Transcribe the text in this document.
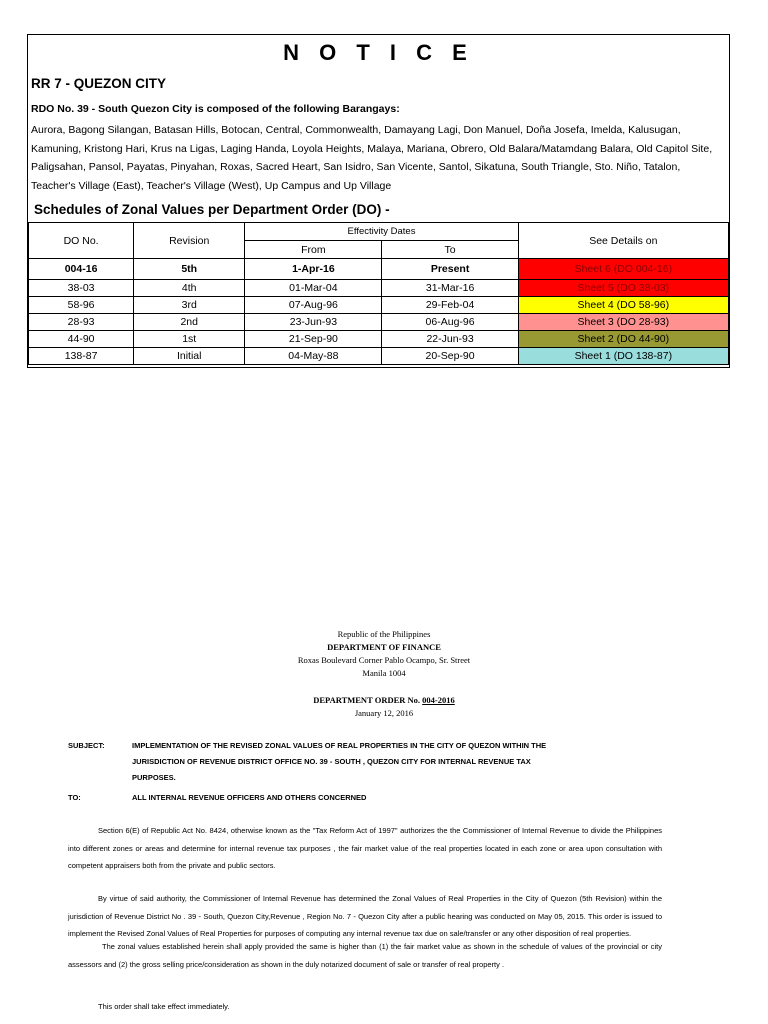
N O T I C E
RR 7 - QUEZON CITY
RDO No. 39 - South Quezon City is composed of the following Barangays:
Aurora, Bagong Silangan, Batasan Hills, Botocan, Central, Commonwealth, Damayang Lagi, Don Manuel, Doña Josefa, Imelda, Kalusugan, Kamuning, Kristong Hari, Krus na Ligas, Laging Handa, Loyola Heights, Malaya, Mariana, Obrero, Old Balara/Matamdang Balara, Old Capitol Site, Paligsahan, Pansol, Payatas, Pinyahan, Roxas, Sacred Heart, San Isidro, San Vicente, Santol, Sikatuna, South Triangle, Sto. Niño, Tatalon, Teacher's Village (East), Teacher's Village (West), Up Campus and Up Village
Schedules of Zonal Values per Department Order (DO) -
DO No.	Revision	Effectivity Dates		See Details on
		From	To	
004-16	5th	1-Apr-16	Present	Sheet 6 (DO 004-16)
38-03	4th	01-Mar-04	31-Mar-16	Sheet 5 (DO 38-03)
58-96	3rd	07-Aug-96	29-Feb-04	Sheet 4 (DO 58-96)
28-93	2nd	23-Jun-93	06-Aug-96	Sheet 3 (DO 28-93)
44-90	1st	21-Sep-90	22-Jun-93	Sheet 2 (DO 44-90)
138-87	Initial	04-May-88	20-Sep-90	Sheet 1 (DO 138-87)
Republic of the Philippines
DEPARTMENT OF FINANCE
Roxas Boulevard Corner Pablo Ocampo, Sr. Street
Manila 1004
DEPARTMENT ORDER No. 004-2016
January 12, 2016
SUBJECT:	IMPLEMENTATION OF THE REVISED ZONAL VALUES OF REAL PROPERTIES IN THE CITY OF QUEZON WITHIN THE JURISDICTION OF REVENUE DISTRICT OFFICE NO. 39 - SOUTH , QUEZON CITY FOR INTERNAL REVENUE TAX PURPOSES.
TO:	ALL INTERNAL REVENUE OFFICERS AND OTHERS CONCERNED
Section 6(E) of Republic Act No. 8424, otherwise known as the "Tax Reform Act of 1997" authorizes the the Commissioner of Internal Revenue to divide the Philippines into different zones or areas and determine for internal revenue tax purposes , the fair market value of the real properties located in each zone or area upon consultation with competent appraisers both from the private and public sectors.
By virtue of said authority, the Commissioner of Internal Revenue has determined the Zonal Values of Real Properties in the City of Quezon (5th Revision) within the jurisdiction of Revenue District No . 39 - South, Quezon City,Revenue , Region No. 7 - Quezon City after a public hearing was conducted on May 05, 2015. This order is issued to implement the Revised Zonal Values of Real Properties for purposes of computing any internal revenue tax due on sale/transfer or any other disposition of real properties.
The zonal values established herein shall apply provided the same is higher than (1) the fair market value as shown in the schedule of values of the provincial or city assessors and (2) the gross selling price/consideration as shown in the duly notarized document of sale or transfer of real property .
This order shall take effect immediately.
